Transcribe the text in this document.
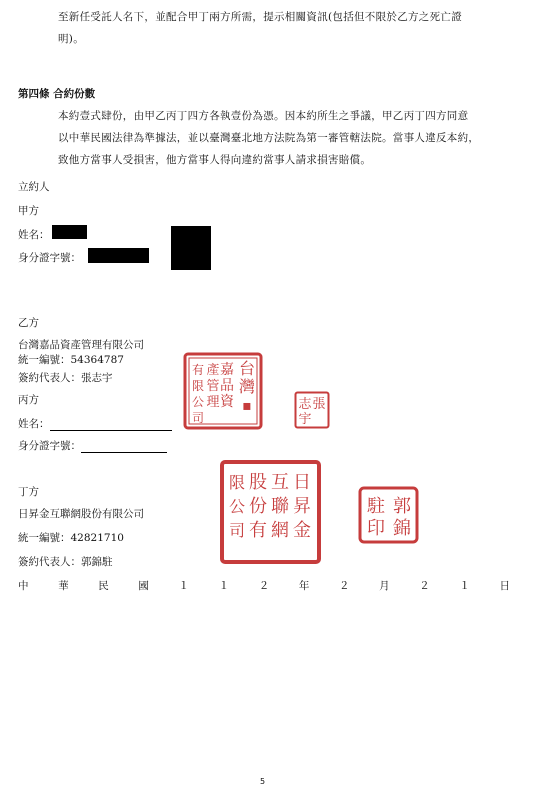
至新任受託人名下，並配合甲丁兩方所需，提示相關資訊(包括但不限於乙方之死亡證
明)。
第四條 合約份數
本約壹式肆份，由甲乙丙丁四方各執壹份為憑。因本約所生之爭議，甲乙丙丁四方同意
以中華民國法律為準據法，並以臺灣臺北地方法院為第一審管轄法院。當事人違反本約，
致他方當事人受損害，他方當事人得向違約當事人請求損害賠償。
立約人
甲方
姓名：
身分證字號：
乙方
台灣嘉品資產管理有限公司
統一編號：54364787
簽約代表人：張志宇	台
灣
▪
嘉
品
資
產
管
理
有
限
公
司
張
志
宇
丙方
姓名：
身分證字號：
丁方
日昇金互聯網股份有限公司
統一編號：42821710
簽約代表人：郭錦駐
日
昇
金
互
聯
網
股
份
有
限
公
司
郭
錦
駐
印
中	華	民	國	１	１	２	年	２	月	２	１	日
5
